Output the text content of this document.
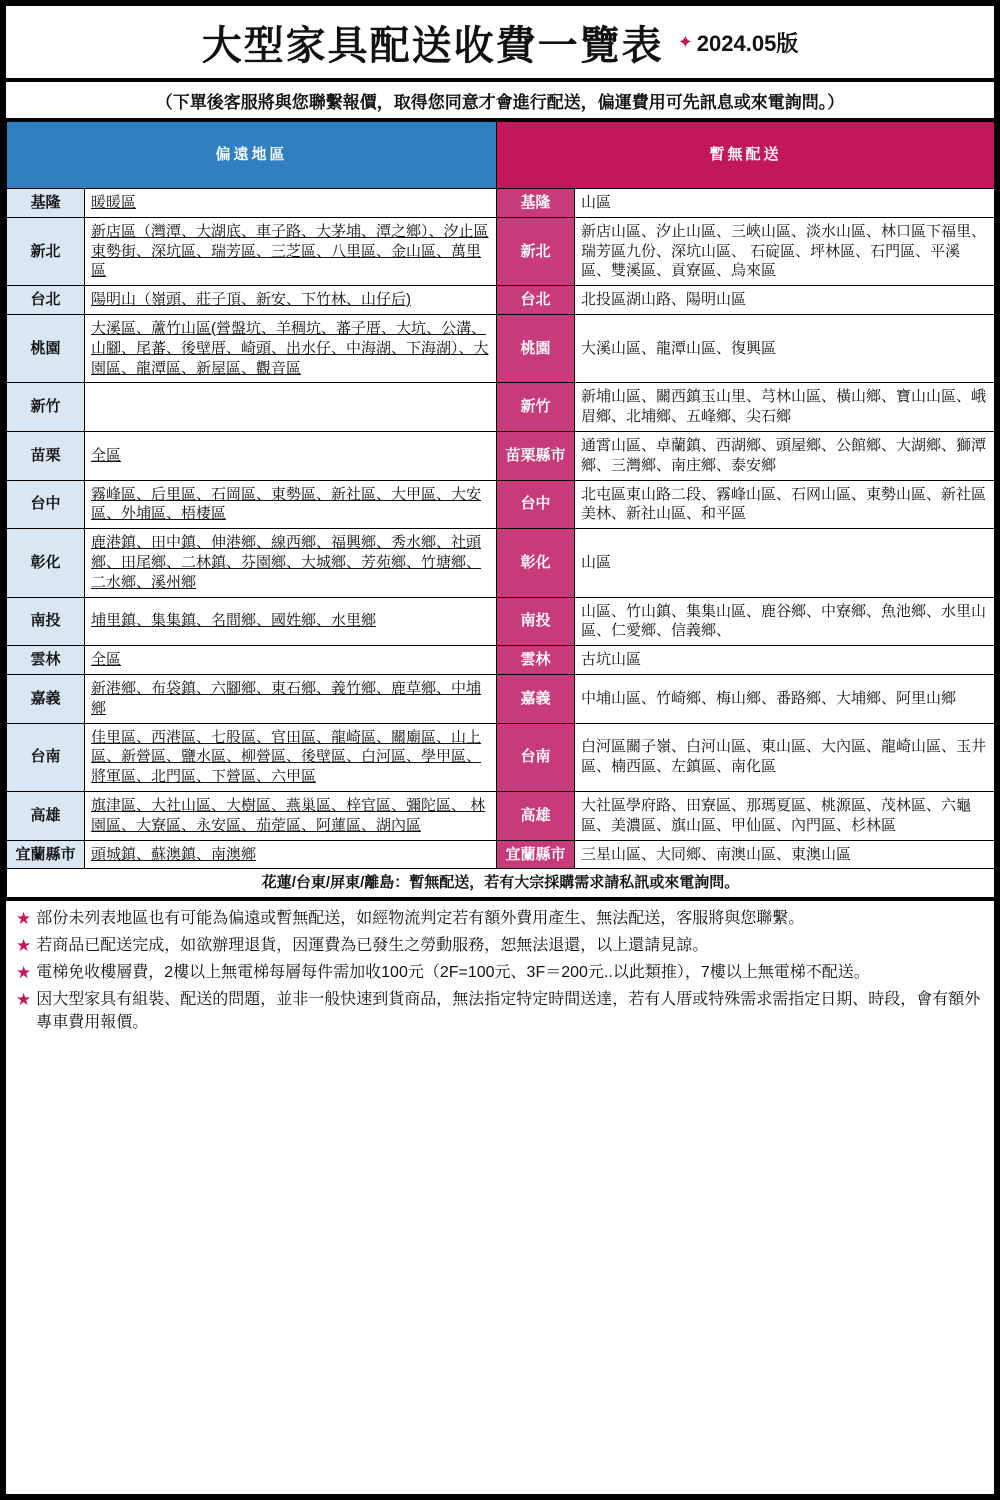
大型家具配送收費一覽表 ✦ 2024.05版
（下單後客服將與您聯繫報價，取得您同意才會進行配送，偏運費用可先訊息或來電詢問。）
偏遠地區		暫無配送	
基隆	暖暖區	基隆	山區
新北	新店區（灣潭、大湖底、車子路、大茅埔、潭之鄉）、汐止區東勢街、深坑區、瑞芳區、三芝區、八里區、金山區、萬里區	新北	新店山區、汐止山區、三峽山區、淡水山區、林口區下福里、瑞芳區九份、深坑山區、 石碇區、坪林區、石門區、平溪區、雙溪區、貢寮區、烏來區
台北	陽明山（嶺頭、莊子頂、新安、下竹林、山仔后)	台北	北投區湖山路、陽明山區
桃園	大溪區、蘆竹山區(營盤坑、羊稠坑、蕃子厝、大坑、公溝、山腳、尾蕃、後壁厝、崎頭、出水仔、中海湖、下海湖）、大園區、龍潭區、新屋區、觀音區	桃園	大溪山區、龍潭山區、復興區
新竹		新竹	新埔山區、關西鎮玉山里、芎林山區、橫山鄉、寶山山區、峨眉鄉、北埔鄉、五峰鄉、尖石鄉
苗栗	全區	苗栗縣市	通霄山區、卓蘭鎮、西湖鄉、頭屋鄉、公館鄉、大湖鄉、獅潭鄉、三灣鄉、南庄鄉、泰安鄉
台中	霧峰區、后里區、石岡區、東勢區、新社區、大甲區、大安區、外埔區、梧棲區	台中	北屯區東山路二段、霧峰山區、石网山區、東勢山區、新社區美林、新社山區、和平區
彰化	鹿港鎮、田中鎮、伸港鄉、線西鄉、福興鄉、秀水鄉、社頭鄉、田尾鄉、二林鎮、芬園鄉、大城鄉、芳苑鄉、竹塘鄉、二水鄉、溪州鄉	彰化	山區
南投	埔里鎮、集集鎮、名間鄉、國姓鄉、水里鄉	南投	山區、竹山鎮、集集山區、鹿谷鄉、中寮鄉、魚池鄉、水里山區、仁愛鄉、信義鄉、
雲林	全區	雲林	古坑山區
嘉義	新港鄉、布袋鎮、六腳鄉、東石鄉、義竹鄉、鹿草鄉、中埔鄉	嘉義	中埔山區、竹崎鄉、梅山鄉、番路鄉、大埔鄉、阿里山鄉
台南	佳里區、西港區、七股區、官田區、龍崎區、關廟區、山上區、新營區、鹽水區、柳營區、後壁區、白河區、學甲區、將軍區、北門區、下營區、六甲區	台南	白河區關子嶺、白河山區、東山區、大內區、龍崎山區、玉井區、楠西區、左鎮區、南化區
高雄	旗津區、大社山區、大樹區、燕巢區、梓官區、彌陀區、 林園區、大寮區、永安區、茄萣區、阿蓮區、湖內區	高雄	大社區學府路、田寮區、那瑪夏區、桃源區、茂林區、六龜區、美濃區、旗山區、甲仙區、內門區、杉林區
宜蘭縣市	頭城鎮、蘇澳鎮、南澳鄉	宜蘭縣市	三星山區、大同鄉、南澳山區、東澳山區
花蓮/台東/屏東/離島：暫無配送，若有大宗採購需求請私訊或來電詢問。			
★ 部份未列表地區也有可能為偏遠或暫無配送，如經物流判定若有額外費用產生、無法配送，客服將與您聯繫。
★ 若商品已配送完成，如欲辦理退貨，因運費為已發生之勞動服務，恕無法退還，以上還請見諒。
★ 電梯免收樓層費，2樓以上無電梯每層每件需加收100元（2F=100元、3F＝200元..以此類推），7樓以上無電梯不配送。
★ 因大型家具有組裝、配送的問題，並非一般快速到貨商品，無法指定特定時間送達，若有人厝或特殊需求需指定日期、時段，會有額外專車費用報價。
